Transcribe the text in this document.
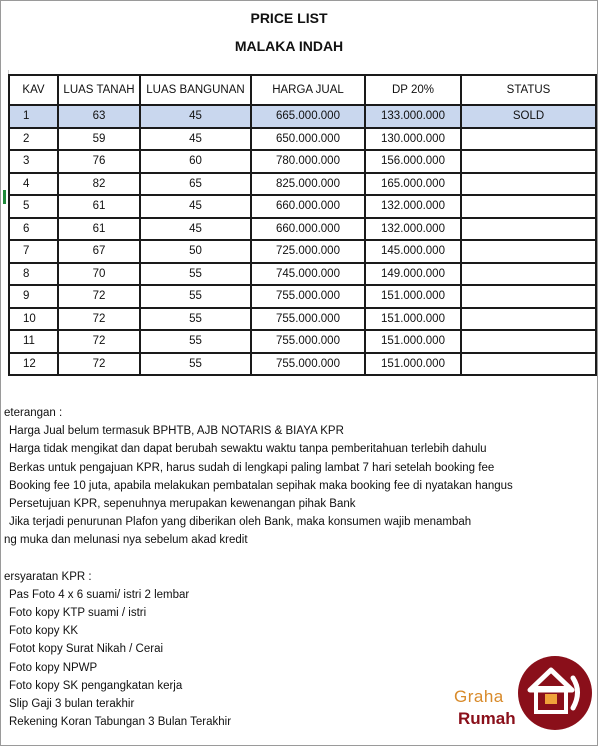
PRICE LIST
MALAKA INDAH
KAV	LUAS TANAH	LUAS BANGUNAN	HARGA JUAL	DP 20%	STATUS
1	63	45	665.000.000	133.000.000	SOLD
2	59	45	650.000.000	130.000.000	
3	76	60	780.000.000	156.000.000	
4	82	65	825.000.000	165.000.000	
5	61	45	660.000.000	132.000.000	
6	61	45	660.000.000	132.000.000	
7	67	50	725.000.000	145.000.000	
8	70	55	745.000.000	149.000.000	
9	72	55	755.000.000	151.000.000	
10	72	55	755.000.000	151.000.000	
11	72	55	755.000.000	151.000.000	
12	72	55	755.000.000	151.000.000	
eterangan :
Harga Jual belum termasuk BPHTB, AJB NOTARIS & BIAYA KPR
Harga tidak mengikat dan dapat berubah sewaktu waktu tanpa pemberitahuan terlebih dahulu
Berkas untuk pengajuan KPR, harus sudah di lengkapi paling lambat 7 hari setelah booking fee
Booking fee 10 juta, apabila melakukan pembatalan sepihak maka booking fee di nyatakan hangus
Persetujuan KPR, sepenuhnya merupakan kewenangan pihak Bank
Jika terjadi penurunan Plafon yang diberikan oleh Bank, maka konsumen wajib menambah
ng muka dan melunasi nya sebelum akad kredit
ersyaratan KPR :
Pas Foto 4 x 6 suami/ istri 2 lembar
Foto kopy KTP suami / istri
Foto kopy KK
Fotot kopy Surat Nikah / Cerai
Foto kopy NPWP
Foto kopy SK pengangkatan kerja
Slip Gaji 3 bulan terakhir
Rekening Koran Tabungan 3 Bulan Terakhir
Graha
Rumah
